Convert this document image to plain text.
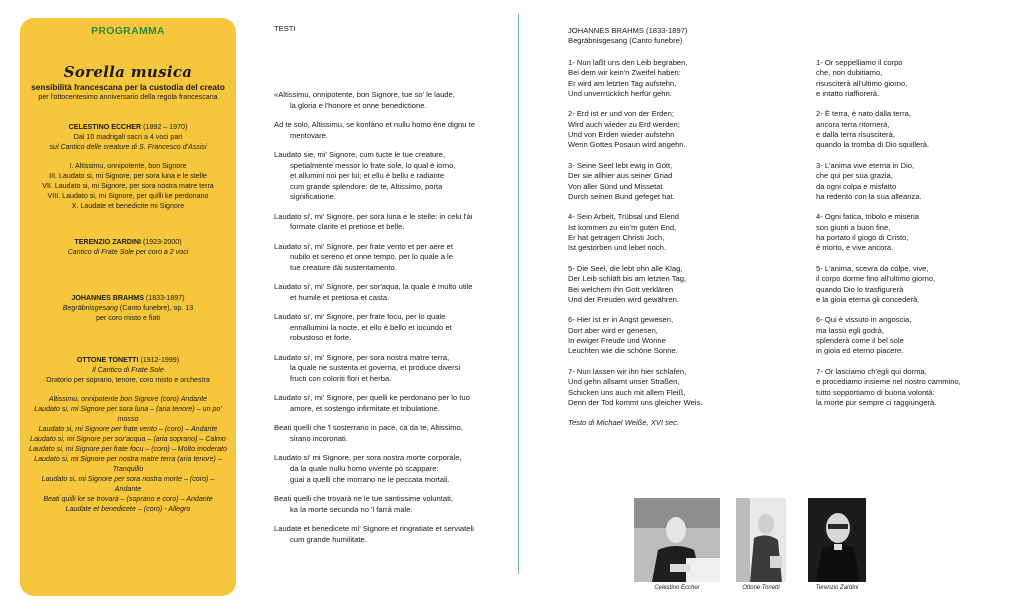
PROGRAMMA
Sorella musica
sensibilità francescana per la custodia del creato
per l'ottocentesimo anniversario della regola francescana
CELESTINO ECCHER (1892 – 1970)
Dai 10 madrigali sacri a 4 voci pari
sul Cantico delle creature di S. Francesco d'Assisi
I. Altissimu, onnipotente, bon Signore
III. Laudato si, mi Signore, per sora luna e le stelle
VII. Laudato si, mi Signore, per sora nostra matre terra
VIII. Laudato si, mi Signore, per quilli ke perdonano
X. Laudate et benedicite mi Signore
TERENZIO ZARDINI (1923-2000)
Cantico di Frate Sole per coro a 2 voci
JOHANNES BRAHMS (1833-1897)
Begräbnisgesang (Canto funebre), op. 13
per coro misto e fiati
OTTONE TONETTI (1912-1999)
Il Cantico di Frate Sole
Oratorio per soprano, tenore, coro misto e orchestra
Altissimu, onnipotente bon Signore (coro) Andante
Laudato si, mi Signore per sora luna – (aria tenore) – un po' mosso
Laudato si, mi Signore per frate vento – (coro) – Andante
Laudato si, mi Signore per sor'acqua – (aria soprano) – Calmo
Laudato si, mi Signore per frate focu – (coro) – Molto moderato
Laudato si, mi Signore per nostra matre terra (aria tenore) – Tranquillo
Laudato si, mi Signore per sora nostra morte – (coro) – Andante
Beati quilli ke se trovarà – (soprano e coro) – Andante
Laudate et benedicete – (coro) - Allegro
TESTI

«Altissimu, onnipotente, bon Signore, tue so' le laude,
la gloria e l'honore et onne benedictione.

Ad te solo, Altissimu, se konfàno et nullu homo ène dignu te
mentovare.

Laudato sie, mi' Signore, cum tucte le tue creature,
spetialmente messor lo frate sole, lo qual è iorno,
et allumini noi per lui; et ellu è bellu e radiante
cum grande splendore: de te, Altissimo, porta
significatione.

Laudato si', mi' Signore, per sora luna e le stelle: in celu l'ài
formate clarite et pretiose et belle.

Laudato si', mi' Signore, per frate vento et per aere et
nubilo et sereno et onne tempo, per lo quale a le
tue creature dài sustentamento.

Laudato si', mi' Signore, per sor'aqua, la quale è multo utile
et humile et pretiosa et casta.

Laudato si', mi' Signore, per frate focu, per lo quale
ennallumini la nocte, et ello è bello et iocundo et
robustoso et forte.

Laudato si', mi' Signore, per sora nostra matre terra,
la quale ne sustenta et governa, et produce diversi
fructi con coloriti flori et herba.

Laudato si', mi' Signore, per quelli ke perdonano per lo tuo
amore, et sostengo infirmitate et tribulatione.

Beati quelli che 'l sosterrano in pace, ca da te, Altissimo,
sirano incoronati.

Laudato si' mi Signore, per sora nostra morte corporale,
da la quale nullu homo vivente pò scappare:
guai a quelli che morrano ne le peccata mortali.

Beati quelli che trovarà ne le tue santissime voluntati,
ka la morte secunda no 'l farrà male.

Laudate et benedicete mi' Signore et ringratiate et serviateli
cum grande humilitate.

JOHANNES BRAHMS (1833-1897)
Begräbnisgesang (Canto funebre)
1- Nun laßt uns den Leib begraben,
Bei dem wir kein'n Zweifel haben:
Er wird am letzten Tag aufstehn,
Und unverrücklich herfür gehn.
2- Erd ist er und von der Erden;
Wird auch wieder zu Erd werden;
Und von Erden wieder aufstehn
Wenn Gottes Posaun wird angehn.
3- Seine Seel lebt ewig in Gott,
Der sie allhier aus seiner Gnad
Von aller Sünd und Missetat
Durch seinen Bund gefeget hat.
4- Sein Arbeit, Trübsal und Elend
Ist kommen zu ein'm guten End,
Er hat getragen Christi Joch,
Ist gestorben und lebet noch.
5- Die Seel, die lebt ohn alle Klag,
Der Leib schläft bis am letzten Tag,
Bei welchem ihn Gott verklären
Und der Freuden wird gewähren.
6- Hier ist er in Angst gewesen,
Dort aber wird er genesen,
In ewiger Freude und Wonne
Leuchten wie die schöne Sonne.
7- Nun lassen wir ihn hier schlafen,
Und gehn allsamt unser Straßen,
Schicken uns auch mit allem Fleiß,
Denn der Tod kommt uns gleicher Weis.
Testo di Michael Weiße, XVI sec.
1- Or seppelliamo il corpo
che, non dubitiamo,
risusciterà all'ultimo giorno,
e intatto riaffiorerà.
2- È terra, è nato dalla terra,
ancora terra ritornerà,
e dalla terra risusciterà,
quando la tromba di Dio squillerà.
3- L'anima vive eterna in Dio,
che qui per sua grazia,
da ogni colpa e misfatto
ha redento con la sua alleanza.
4- Ogni fatica, tribolo e miseria
son giunti a buon fine,
ha portato il giogo di Cristo,
è morto, e vive ancora.
5- L'anima, scevra da colpe, vive,
il corpo dorme fino all'ultimo giorno,
quando Dio lo trasfigurerà
e la gioia eterna gli concederà.
6- Qui è vissuto in angoscia,
ma lassù egli godrà,
splenderà come il bel sole
in gioia ed eterno piacere.
7- Or lasciamo ch'egli qui dorma,
e procediamo insieme nel nostro cammino,
tutto sopportiamo di buona volontà:
la morte pur sempre ci raggiungerà.
Celestino Eccher	Ottone Tonetti	Terenzio Zardini
